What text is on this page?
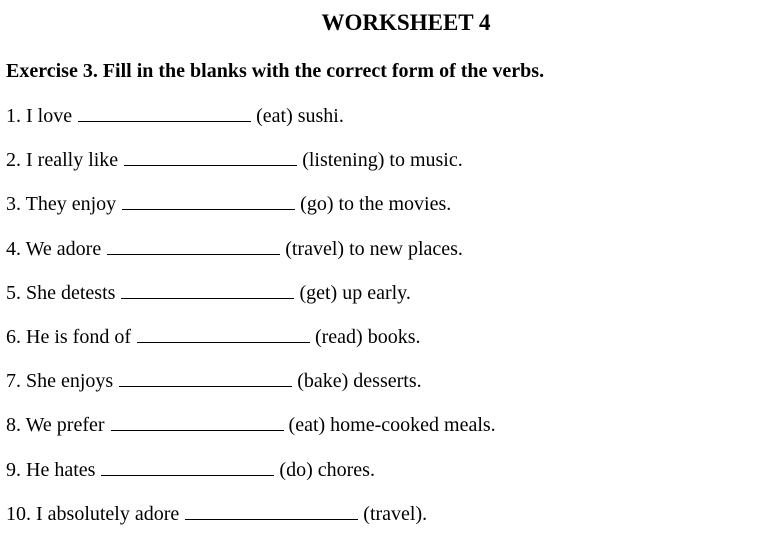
WORKSHEET 4

Exercise 3. Fill in the blanks with the correct form of the verbs.

1. I love	(eat) sushi.
2. I really like	(listening) to music.
3. They enjoy	(go) to the movies.
4. We adore	(travel) to new places.
5. She detests	(get) up early.
6. He is fond of	(read) books.
7. She enjoys	(bake) desserts.
8. We prefer	(eat) home-cooked meals.
9. He hates	(do) chores.
10. I absolutely adore	(travel).
